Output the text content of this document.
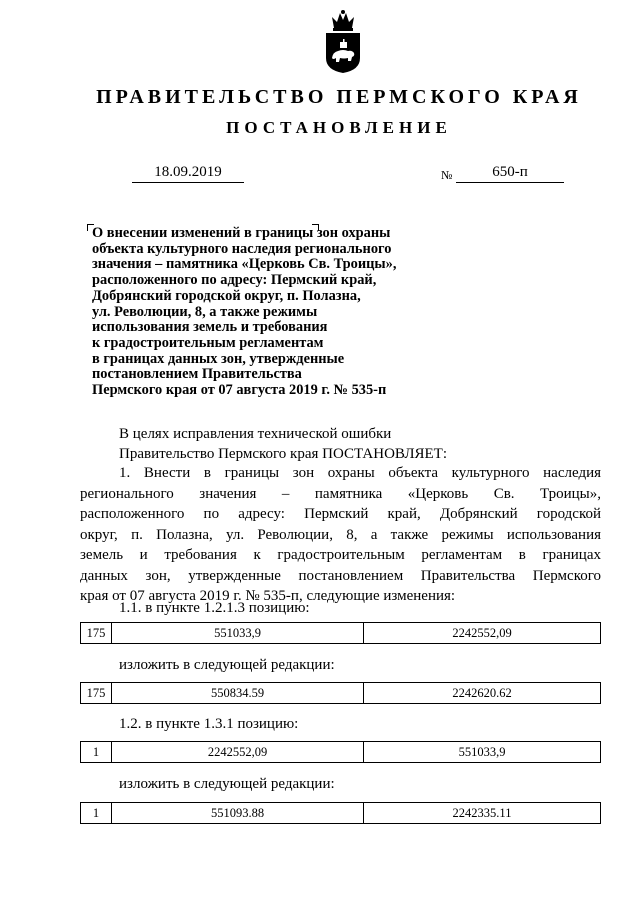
ПРАВИТЕЛЬСТВО ПЕРМСКОГО КРАЯ
ПОСТАНОВЛЕНИЕ
18.09.2019	№	650-п
О внесении изменений в границы зон охраны
объекта культурного наследия регионального
значения – памятника «Церковь Св. Троицы»,
расположенного по адресу: Пермский край,
Добрянский городской округ, п. Полазна,
ул. Революции, 8, а также режимы
использования земель и требования
к градостроительным регламентам
в границах данных зон, утвержденные
постановлением Правительства
Пермского края от 07 августа 2019 г. № 535-п
В целях исправления технической ошибки
Правительство Пермского края ПОСТАНОВЛЯЕТ:
1. Внести в границы зон охраны объекта культурного наследия
регионального значения – памятника «Церковь Св. Троицы»,
расположенного по адресу: Пермский край, Добрянский городской
округ, п. Полазна, ул. Революции, 8, а также режимы использования
земель и требования к градостроительным регламентам в границах
данных зон, утвержденные постановлением Правительства Пермского
края от 07 августа 2019 г. № 535-п, следующие изменения:
1.1. в пункте 1.2.1.3 позицию:
175	551033,9	2242552,09
изложить в следующей редакции:
175	550834.59	2242620.62
1.2. в пункте 1.3.1 позицию:
1	2242552,09	551033,9
изложить в следующей редакции:
1	551093.88	2242335.11
